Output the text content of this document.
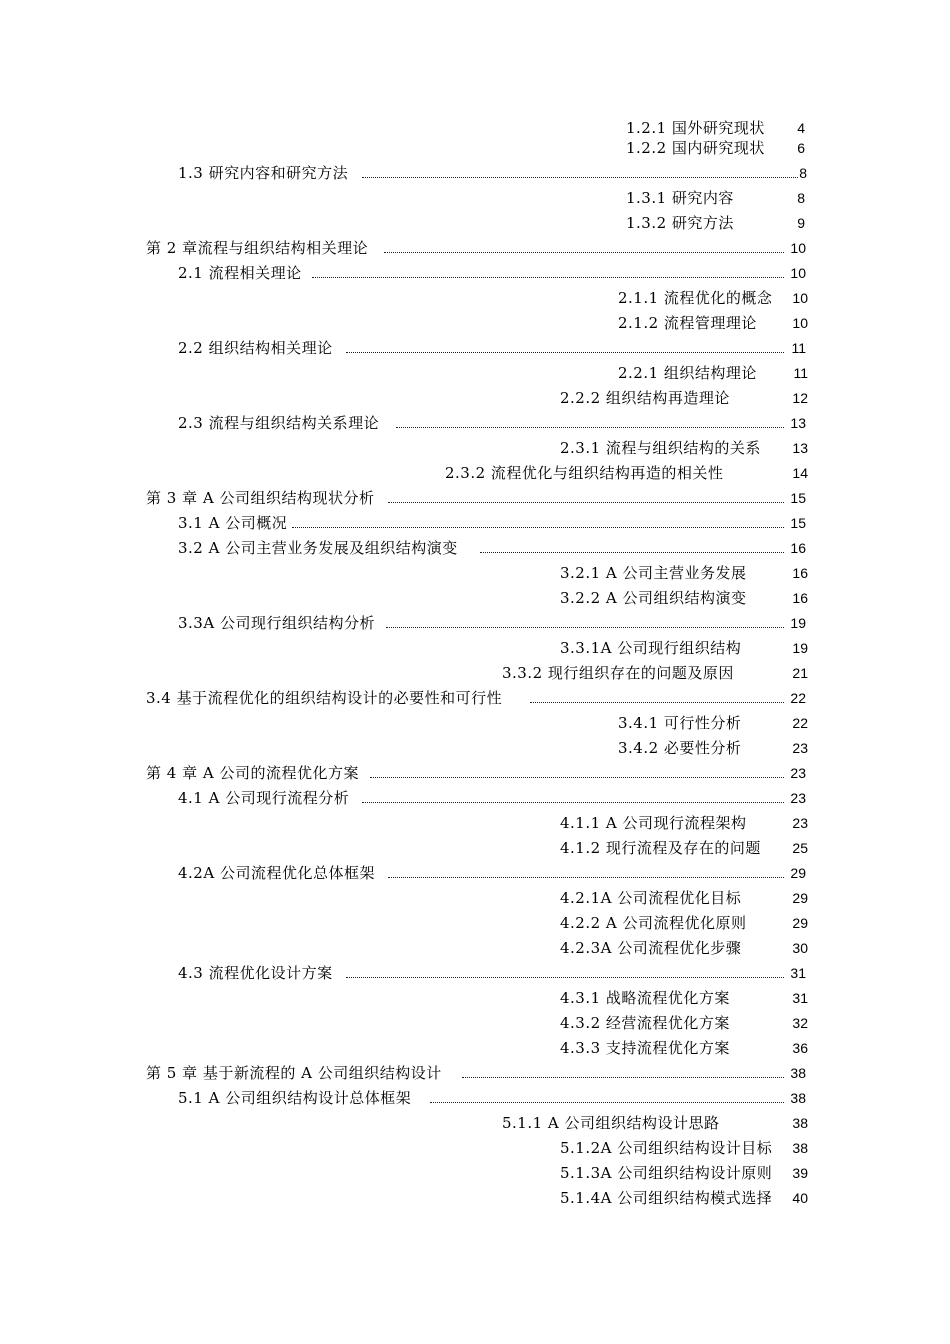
1.2.1 国外研究现状	4
1.2.2 国内研究现状	6
1.3 研究内容和研究方法	8
1.3.1 研究内容	8
1.3.2 研究方法	9
第 2 章流程与组织结构相关理论	10
2.1 流程相关理论	10
2.1.1 流程优化的概念	10
2.1.2 流程管理理论	10
2.2 组织结构相关理论	11
2.2.1 组织结构理论	11
2.2.2 组织结构再造理论	12
2.3 流程与组织结构关系理论	13
2.3.1 流程与组织结构的关系	13
2.3.2 流程优化与组织结构再造的相关性	14
第 3 章 A 公司组织结构现状分析	15
3.1 A 公司概况	15
3.2 A 公司主营业务发展及组织结构演变	16
3.2.1 A 公司主营业务发展	16
3.2.2 A 公司组织结构演变	16
3.3A 公司现行组织结构分析	19
3.3.1A 公司现行组织结构	19
3.3.2 现行组织存在的问题及原因	21
3.4 基于流程优化的组织结构设计的必要性和可行性	22
3.4.1 可行性分析	22
3.4.2 必要性分析	23
第 4 章 A 公司的流程优化方案	23
4.1 A 公司现行流程分析	23
4.1.1 A 公司现行流程架构	23
4.1.2 现行流程及存在的问题	25
4.2A 公司流程优化总体框架	29
4.2.1A 公司流程优化目标	29
4.2.2 A 公司流程优化原则	29
4.2.3A 公司流程优化步骤	30
4.3 流程优化设计方案	31
4.3.1 战略流程优化方案	31
4.3.2 经营流程优化方案	32
4.3.3 支持流程优化方案	36
第 5 章 基于新流程的 A 公司组织结构设计	38
5.1 A 公司组织结构设计总体框架	38
5.1.1 A 公司组织结构设计思路	38
5.1.2A 公司组织结构设计目标	38
5.1.3A 公司组织结构设计原则	39
5.1.4A 公司组织结构模式选择	40
